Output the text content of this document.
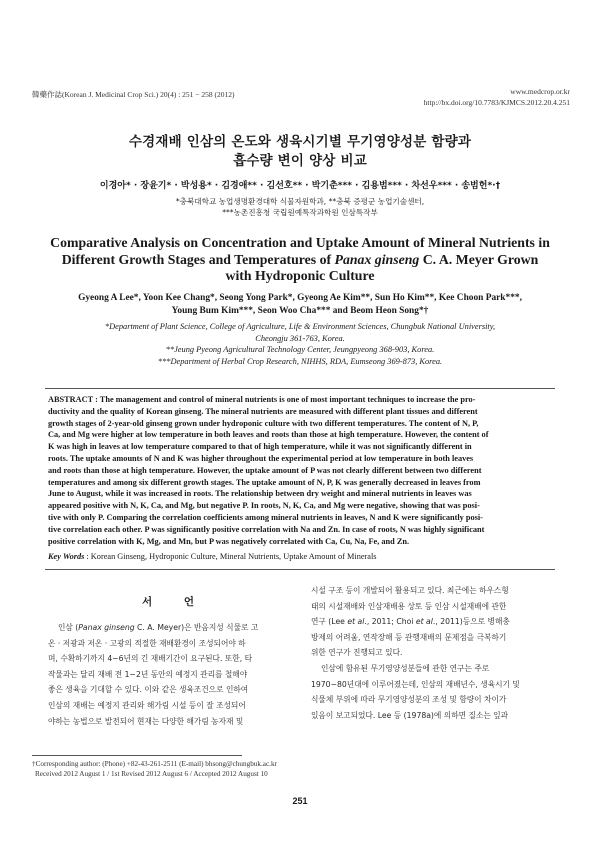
韓藥作誌(Korean J. Medicinal Crop Sci.) 20(4) : 251 − 258 (2012)	www.medcrop.or.kr
http://bx.doi.org/10.7783/KJMCS.2012.20.4.251
수경재배 인삼의 온도와 생육시기별 무기영양성분 함량과
흡수량 변이 양상 비교
이경아* · 장윤기* · 박성용* · 김경애** · 김선호** · 박기춘*** · 김용범*** · 차선우*** · 송범헌*·†
*충북대학교 농업생명환경대학 식물자원학과, **충북 증평군 농업기술센터,
***농촌진흥청 국립원예특작과학원 인삼특작부
Comparative Analysis on Concentration and Uptake Amount of Mineral Nutrients in
Different Growth Stages and Temperatures of Panax ginseng C. A. Meyer Grown
with Hydroponic Culture
Gyeong A Lee*, Yoon Kee Chang*, Seong Yong Park*, Gyeong Ae Kim**, Sun Ho Kim**, Kee Choon Park***,
Young Bum Kim***, Seon Woo Cha*** and Beom Heon Song*†
*Department of Plant Science, College of Agriculture, Life & Environment Sciences, Chungbuk National University,
Cheongju 361-763, Korea.
**Jeung Pyeong Agricultural Technology Center, Jeungpyeong 368-903, Korea.
***Department of Herbal Crop Research, NIHHS, RDA, Eumseong 369-873, Korea.
ABSTRACT : The management and control of mineral nutrients is one of most important techniques to increase the pro-
ductivity and the quality of Korean ginseng. The mineral nutrients are measured with different plant tissues and different
growth stages of 2-year-old ginseng grown under hydroponic culture with two different temperatures. The content of N, P,
Ca, and Mg were higher at low temperature in both leaves and roots than those at high temperature. However, the content of
K was high in leaves at low temperature compared to that of high temperature, while it was not significantly different in
roots. The uptake amounts of N and K was higher throughout the experimental period at low temperature in both leaves
and roots than those at high temperature. However, the uptake amount of P was not clearly different between two different
temperatures and among six different growth stages. The uptake amount of N, P, K was generally decreased in leaves from
June to August, while it was increased in roots. The relationship between dry weight and mineral nutrients in leaves was
appeared positive with N, K, Ca, and Mg, but negative P. In roots, N, K, Ca, and Mg were negative, showing that was posi-
tive with only P. Comparing the correlation coefficients among mineral nutrients in leaves, N and K were significantly posi-
tive correlation each other. P was significantly positive correlation with Na and Zn. In case of roots, N was highly significant
positive correlation with K, Mg, and Mn, but P was negatively correlated with Ca, Cu, Na, Fe, and Zn.
Key Words : Korean Ginseng, Hydroponic Culture, Mineral Nutrients, Uptake Amount of Minerals
서 언
인삼 (Panax ginseng C. A. Meyer)은 반음지성 식물로 고
온 · 저광과 저온 · 고광의 적절한 재배환경이 조성되어야 하
며, 수확하기까지 4−6년의 긴 재배기간이 요구된다. 또한, 타
작물과는 달리 재배 전 1−2년 동안의 예정지 관리를 철해야
좋은 생육을 기대할 수 있다. 이와 같은 생육조건으로 인하여
인삼의 재배는 예정지 관리와 해가림 시설 등이 잘 조성되어
야하는 농법으로 발전되어 현재는 다양한 해가림 농자재 및
시설 구조 등이 개발되어 활용되고 있다. 최근에는 하우스형
태의 시설재배와 인삼재배용 상토 등 인삼 시설재배에 관한
연구 (Lee et al., 2011; Choi et al., 2011)등으로 병해충
방제의 어려움, 연작장해 등 관행재배의 문제점을 극복하기
위한 연구가 진행되고 있다.
인삼에 함유된 무기영양성분들에 관한 연구는 주로
1970−80년대에 이루어졌는데, 인삼의 재배년수, 생육시기 및
식물체 부위에 따라 무기영양성분의 조성 및 함량이 차이가
있음이 보고되었다. Lee 등 (1978a)에 의하면 질소는 잎과
†Corresponding author: (Phone) +82-43-261-2511 (E-mail) bhsong@chungbuk.ac.kr
Received 2012 August 1 / 1st Revised 2012 August 6 / Accepted 2012 August 10
251
